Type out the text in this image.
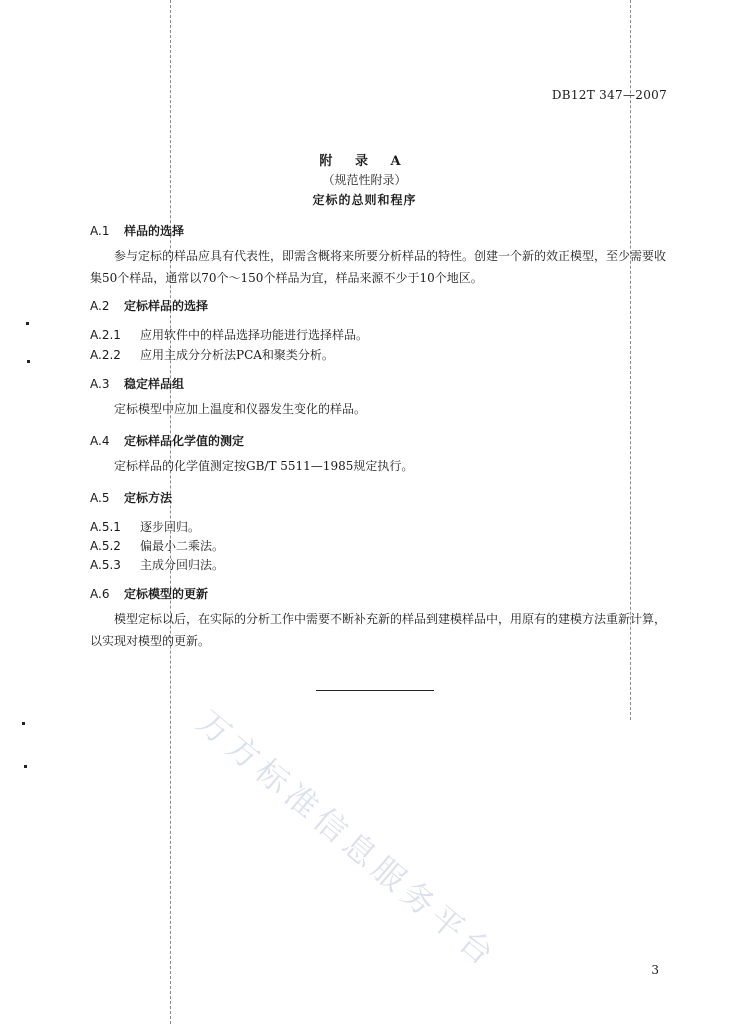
DB12T 347—2007
附 录 A
（规范性附录）
定标的总则和程序
A.1 样品的选择
参与定标的样品应具有代表性，即需含概将来所要分析样品的特性。创建一个新的效正模型，至少需要收集50个样品，通常以70个～150个样品为宜，样品来源不少于10个地区。
A.2 定标样品的选择
A.2.1 应用软件中的样品选择功能进行选择样品。
A.2.2 应用主成分分析法PCA和聚类分析。
A.3 稳定样品组
定标模型中应加上温度和仪器发生变化的样品。
A.4 定标样品化学值的测定
定标样品的化学值测定按GB/T 5511—1985规定执行。
A.5 定标方法
A.5.1 逐步回归。
A.5.2 偏最小二乘法。
A.5.3 主成分回归法。
A.6 定标模型的更新
模型定标以后，在实际的分析工作中需要不断补充新的样品到建模样品中，用原有的建模方法重新计算，以实现对模型的更新。
万方标准信息服务平台	3
